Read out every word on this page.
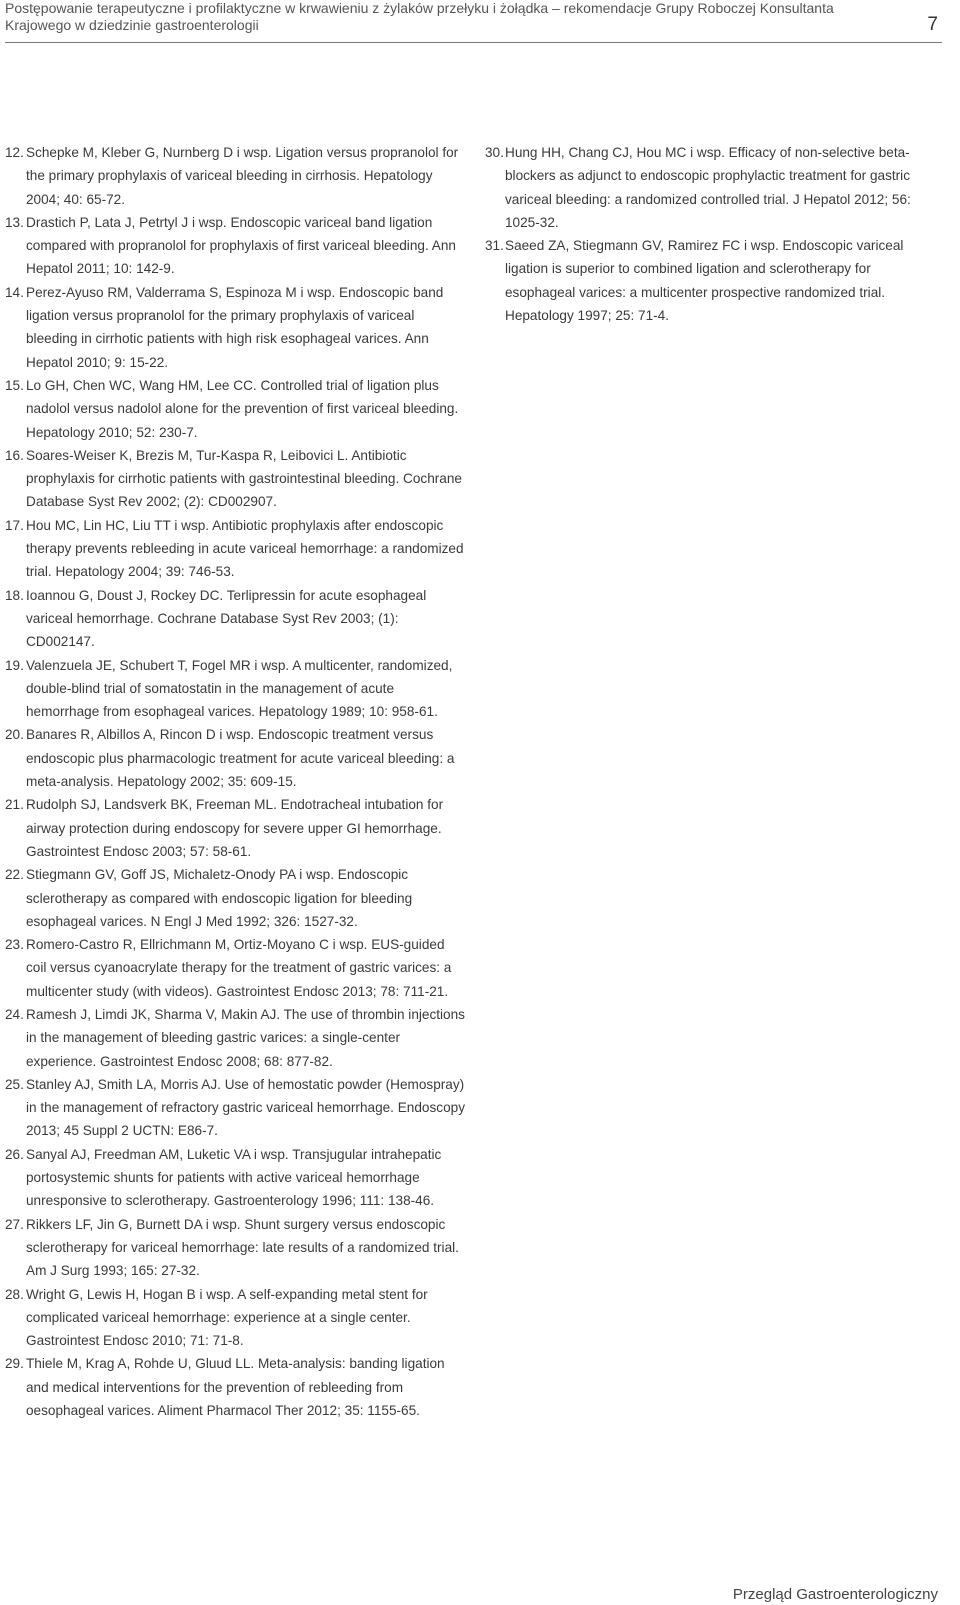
Postępowanie terapeutyczne i profilaktyczne w krwawieniu z żylaków przełyku i żołądka – rekomendacje Grupy Roboczej Konsultanta
Krajowego w dziedzinie gastroenterologii	7
12. Schepke M, Kleber G, Nurnberg D i wsp. Ligation versus propranolol for the primary prophylaxis of variceal bleeding in cirrhosis. Hepatology 2004; 40: 65-72.
13. Drastich P, Lata J, Petrtyl J i wsp. Endoscopic variceal band ligation compared with propranolol for prophylaxis of first variceal bleeding. Ann Hepatol 2011; 10: 142-9.
14. Perez-Ayuso RM, Valderrama S, Espinoza M i wsp. Endoscopic band ligation versus propranolol for the primary prophylaxis of variceal bleeding in cirrhotic patients with high risk esophageal varices. Ann Hepatol 2010; 9: 15-22.
15. Lo GH, Chen WC, Wang HM, Lee CC. Controlled trial of ligation plus nadolol versus nadolol alone for the prevention of first variceal bleeding. Hepatology 2010; 52: 230-7.
16. Soares-Weiser K, Brezis M, Tur-Kaspa R, Leibovici L. Antibiotic prophylaxis for cirrhotic patients with gastrointestinal bleeding. Cochrane Database Syst Rev 2002; (2): CD002907.
17. Hou MC, Lin HC, Liu TT i wsp. Antibiotic prophylaxis after endoscopic therapy prevents rebleeding in acute variceal hemorrhage: a randomized trial. Hepatology 2004; 39: 746-53.
18. Ioannou G, Doust J, Rockey DC. Terlipressin for acute esophageal variceal hemorrhage. Cochrane Database Syst Rev 2003; (1): CD002147.
19. Valenzuela JE, Schubert T, Fogel MR i wsp. A multicenter, randomized, double-blind trial of somatostatin in the management of acute hemorrhage from esophageal varices. Hepatology 1989; 10: 958-61.
20. Banares R, Albillos A, Rincon D i wsp. Endoscopic treatment versus endoscopic plus pharmacologic treatment for acute variceal bleeding: a meta-analysis. Hepatology 2002; 35: 609-15.
21. Rudolph SJ, Landsverk BK, Freeman ML. Endotracheal intubation for airway protection during endoscopy for severe upper GI hemorrhage. Gastrointest Endosc 2003; 57: 58-61.
22. Stiegmann GV, Goff JS, Michaletz-Onody PA i wsp. Endoscopic sclerotherapy as compared with endoscopic ligation for bleeding esophageal varices. N Engl J Med 1992; 326: 1527-32.
23. Romero-Castro R, Ellrichmann M, Ortiz-Moyano C i wsp. EUS-guided coil versus cyanoacrylate therapy for the treatment of gastric varices: a multicenter study (with videos). Gastrointest Endosc 2013; 78: 711-21.
24. Ramesh J, Limdi JK, Sharma V, Makin AJ. The use of thrombin injections in the management of bleeding gastric varices: a single-center experience. Gastrointest Endosc 2008; 68: 877-82.
25. Stanley AJ, Smith LA, Morris AJ. Use of hemostatic powder (Hemospray) in the management of refractory gastric variceal hemorrhage. Endoscopy 2013; 45 Suppl 2 UCTN: E86-7.
26. Sanyal AJ, Freedman AM, Luketic VA i wsp. Transjugular intrahepatic portosystemic shunts for patients with active variceal hemorrhage unresponsive to sclerotherapy. Gastroenterology 1996; 111: 138-46.
27. Rikkers LF, Jin G, Burnett DA i wsp. Shunt surgery versus endoscopic sclerotherapy for variceal hemorrhage: late results of a randomized trial. Am J Surg 1993; 165: 27-32.
28. Wright G, Lewis H, Hogan B i wsp. A self-expanding metal stent for complicated variceal hemorrhage: experience at a single center. Gastrointest Endosc 2010; 71: 71-8.
29. Thiele M, Krag A, Rohde U, Gluud LL. Meta-analysis: banding ligation and medical interventions for the prevention of rebleeding from oesophageal varices. Aliment Pharmacol Ther 2012; 35: 1155-65.
30. Hung HH, Chang CJ, Hou MC i wsp. Efficacy of non-selective beta-blockers as adjunct to endoscopic prophylactic treatment for gastric variceal bleeding: a randomized controlled trial. J Hepatol 2012; 56: 1025-32.
31. Saeed ZA, Stiegmann GV, Ramirez FC i wsp. Endoscopic variceal ligation is superior to combined ligation and sclerotherapy for esophageal varices: a multicenter prospective randomized trial. Hepatology 1997; 25: 71-4.
Przegląd Gastroenterologiczny
